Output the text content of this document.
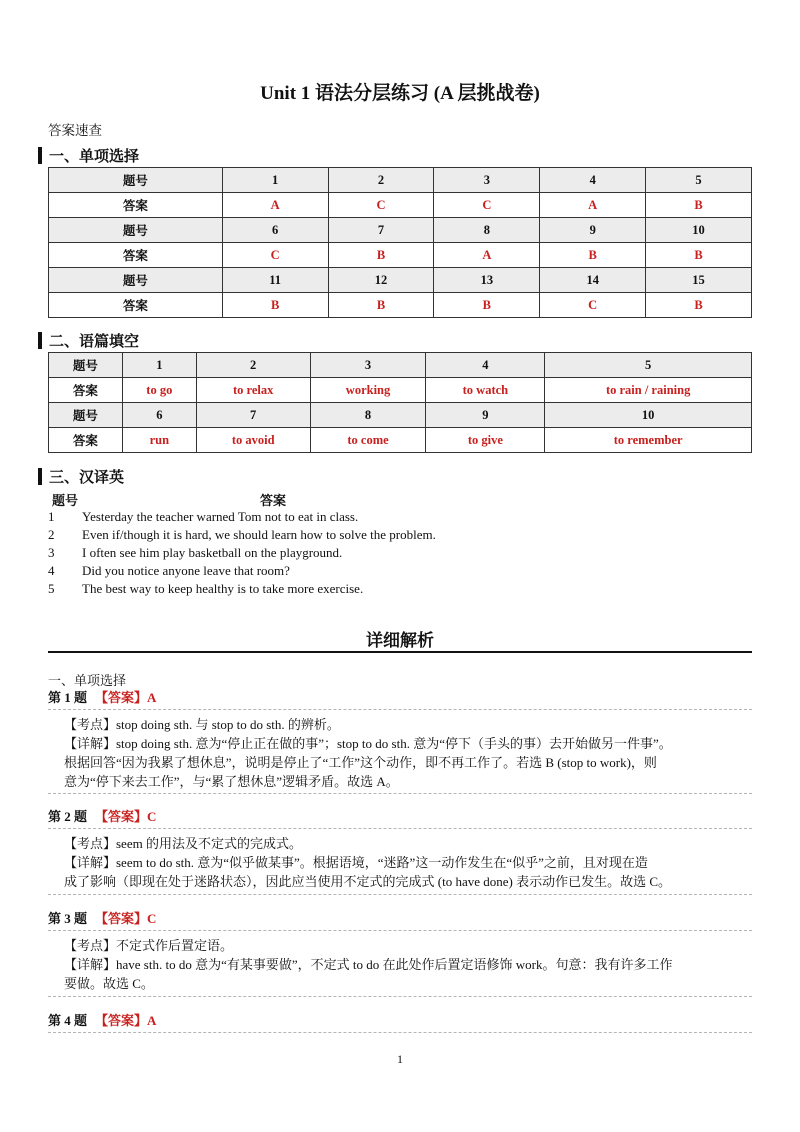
Unit 1 语法分层练习 (A 层挑战卷)
答案速查
一、单项选择
题号	1	2	3	4	5
答案	A	C	C	A	B
题号	6	7	8	9	10
答案	C	B	A	B	B
题号	11	12	13	14	15
答案	B	B	B	C	B
二、语篇填空
题号	1	2	3	4	5
答案	to go	to relax	working	to watch	to rain / raining
题号	6	7	8	9	10
答案	run	to avoid	to come	to give	to remember
三、汉译英
题号	答案
1	Yesterday the teacher warned Tom not to eat in class.
2	Even if/though it is hard, we should learn how to solve the problem.
3	I often see him play basketball on the playground.
4	Did you notice anyone leave that room?
5	The best way to keep healthy is to take more exercise.
详细解析
一、单项选择
第 1 题 【答案】A
【考点】stop doing sth. 与 stop to do sth. 的辨析。
【详解】stop doing sth. 意为“停止正在做的事”；stop to do sth. 意为“停下（手头的事）去开始做另一件事”。
根据回答“因为我累了想休息”，说明是停止了“工作”这个动作，即不再工作了。若选 B (stop to work)，则
意为“停下来去工作”，与“累了想休息”逻辑矛盾。故选 A。
第 2 题 【答案】C
【考点】seem 的用法及不定式的完成式。
【详解】seem to do sth. 意为“似乎做某事”。根据语境，“迷路”这一动作发生在“似乎”之前，且对现在造
成了影响（即现在处于迷路状态），因此应当使用不定式的完成式 (to have done) 表示动作已发生。故选 C。
第 3 题 【答案】C
【考点】不定式作后置定语。
【详解】have sth. to do 意为“有某事要做”，不定式 to do 在此处作后置定语修饰 work。句意：我有许多工作
要做。故选 C。
第 4 题 【答案】A
1
